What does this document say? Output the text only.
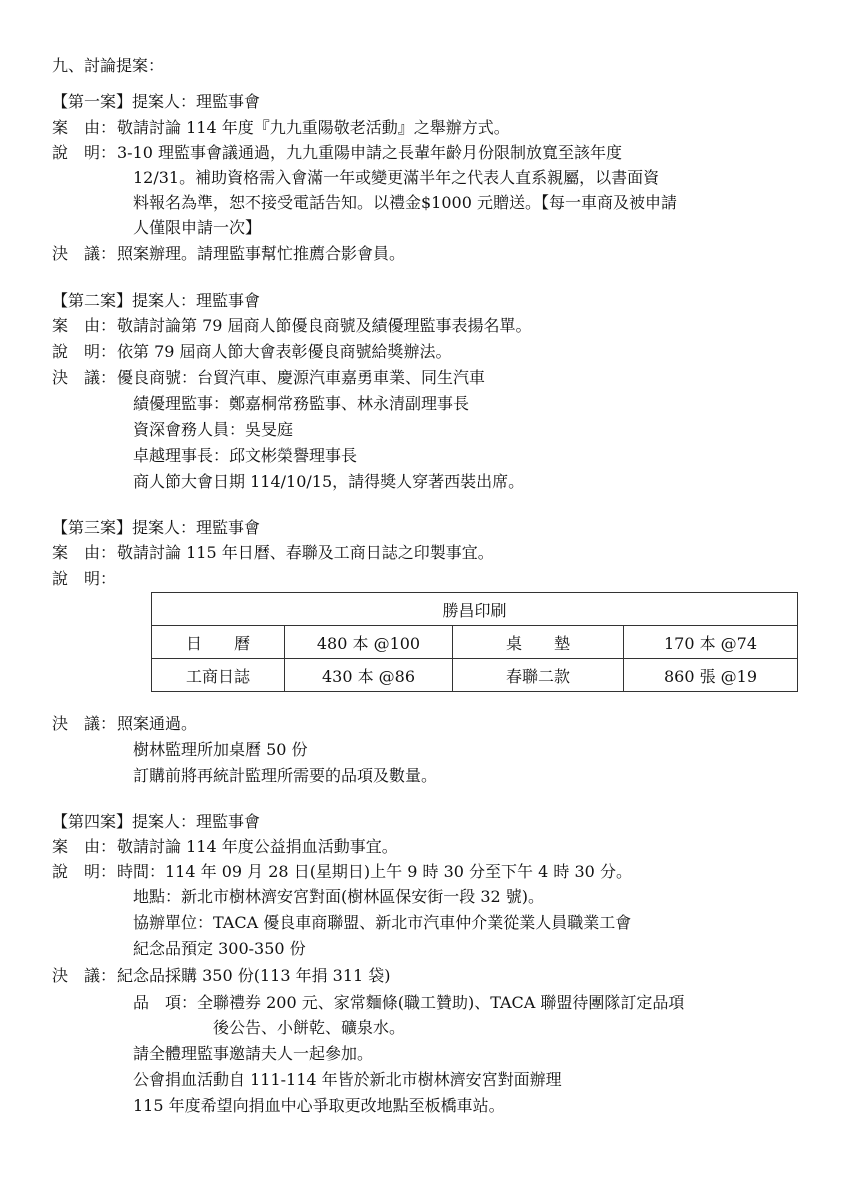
九、討論提案：
【第一案】提案人：理監事會
案　由： 敬請討論 114 年度『九九重陽敬老活動』之舉辦方式。
說　明： 3-10 理監事會議通過，九九重陽申請之長輩年齡月份限制放寬至該年度
12/31。補助資格需入會滿一年或變更滿半年之代表人直系親屬，以書面資
料報名為準，恕不接受電話告知。以禮金$1000 元贈送。【每一車商及被申請
人僅限申請一次】
決　議： 照案辦理。請理監事幫忙推薦合影會員。
【第二案】提案人：理監事會
案　由： 敬請討論第 79 屆商人節優良商號及績優理監事表揚名單。
說　明： 依第 79 屆商人節大會表彰優良商號給獎辦法。
決　議： 優良商號：台貿汽車、慶源汽車嘉勇車業、同生汽車
績優理監事：鄭嘉桐常務監事、林永清副理事長
資深會務人員：吳旻庭
卓越理事長：邱文彬榮譽理事長
商人節大會日期 114/10/15，請得獎人穿著西裝出席。
【第三案】提案人：理監事會
案　由： 敬請討論 115 年日曆、春聯及工商日誌之印製事宜。
說　明：
勝昌印刷			
日　　曆	480 本 @100	桌　　墊	170 本 @74
工商日誌	430 本 @86	春聯二款	860 張 @19
決　議： 照案通過。
樹林監理所加桌曆 50 份
訂購前將再統計監理所需要的品項及數量。
【第四案】提案人：理監事會
案　由： 敬請討論 114 年度公益捐血活動事宜。
說　明： 時間：114 年 09 月 28 日(星期日)上午 9 時 30 分至下午 4 時 30 分。
地點：新北市樹林濟安宮對面(樹林區保安街一段 32 號)。
協辦單位：TACA 優良車商聯盟、新北市汽車仲介業從業人員職業工會
紀念品預定 300-350 份
決　議： 紀念品採購 350 份(113 年捐 311 袋)
品　項：全聯禮券 200 元、家常麵條(職工贊助)、TACA 聯盟待團隊訂定品項
後公告、小餅乾、礦泉水。
請全體理監事邀請夫人一起參加。
公會捐血活動自 111-114 年皆於新北市樹林濟安宮對面辦理
115 年度希望向捐血中心爭取更改地點至板橋車站。
